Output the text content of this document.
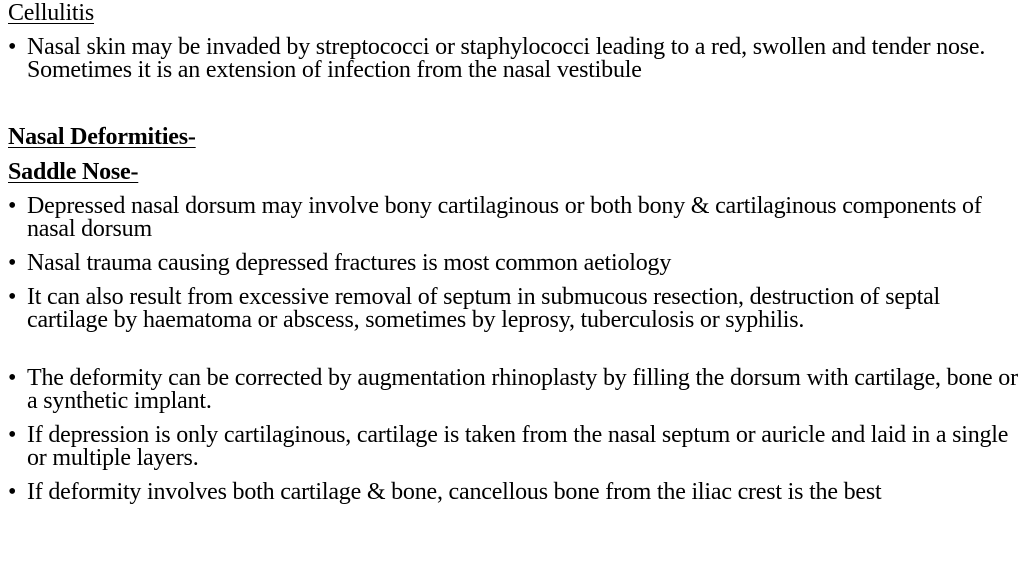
Cellulitis
• Nasal skin may be invaded by streptococci or staphylococci leading to a red, swollen and tender nose. Sometimes it is an extension of infection from the nasal vestibule
Nasal Deformities-
Saddle Nose-
• Depressed nasal dorsum may involve bony cartilaginous or both bony & cartilaginous components of nasal dorsum
• Nasal trauma causing depressed fractures is most common aetiology
• It can also result from excessive removal of septum in submucous resection, destruction of septal cartilage by haematoma or abscess, sometimes by leprosy, tuberculosis or syphilis.
• The deformity can be corrected by augmentation rhinoplasty by filling the dorsum with cartilage, bone or a synthetic implant.
• If depression is only cartilaginous, cartilage is taken from the nasal septum or auricle and laid in a single or multiple layers.
• If deformity involves both cartilage & bone, cancellous bone from the iliac crest is the best
